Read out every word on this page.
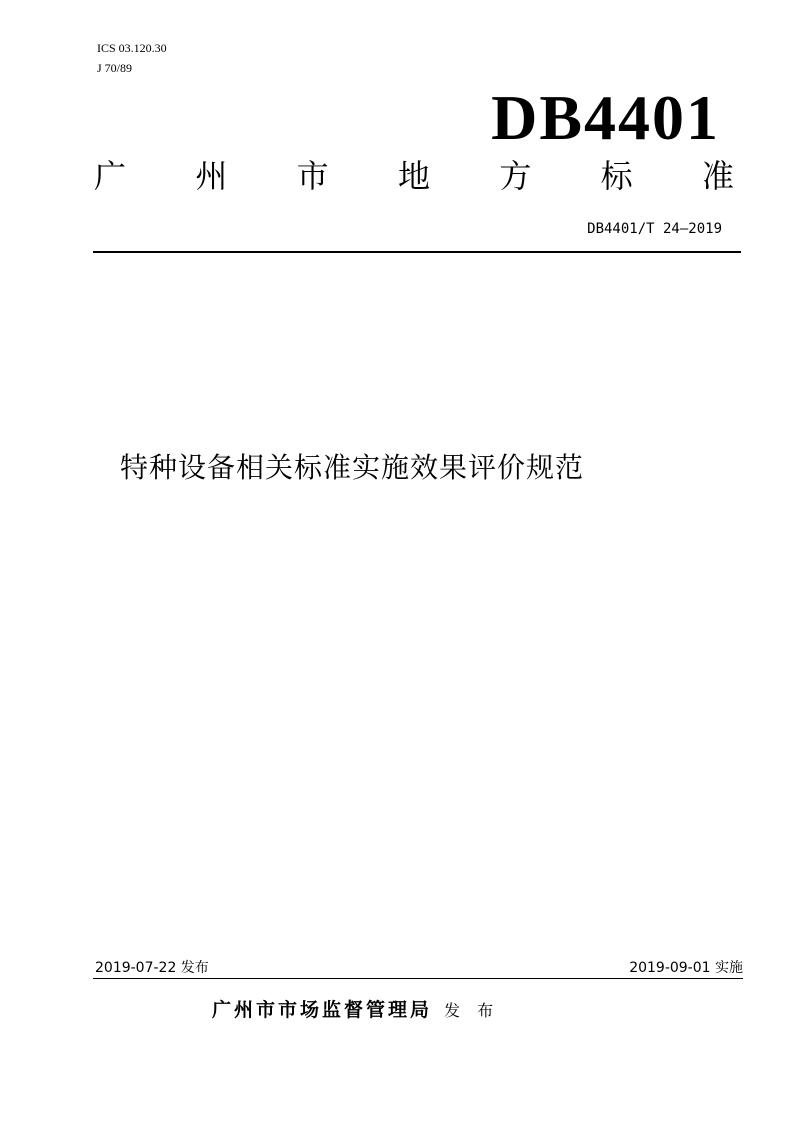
ICS 03.120.30
J 70/89
DB4401
广 州 市 地 方 标 准
DB4401/T 24—2019
特种设备相关标准实施效果评价规范
2019-07-22 发布	2019-09-01 实施
广州市市场监督管理局 发 布
